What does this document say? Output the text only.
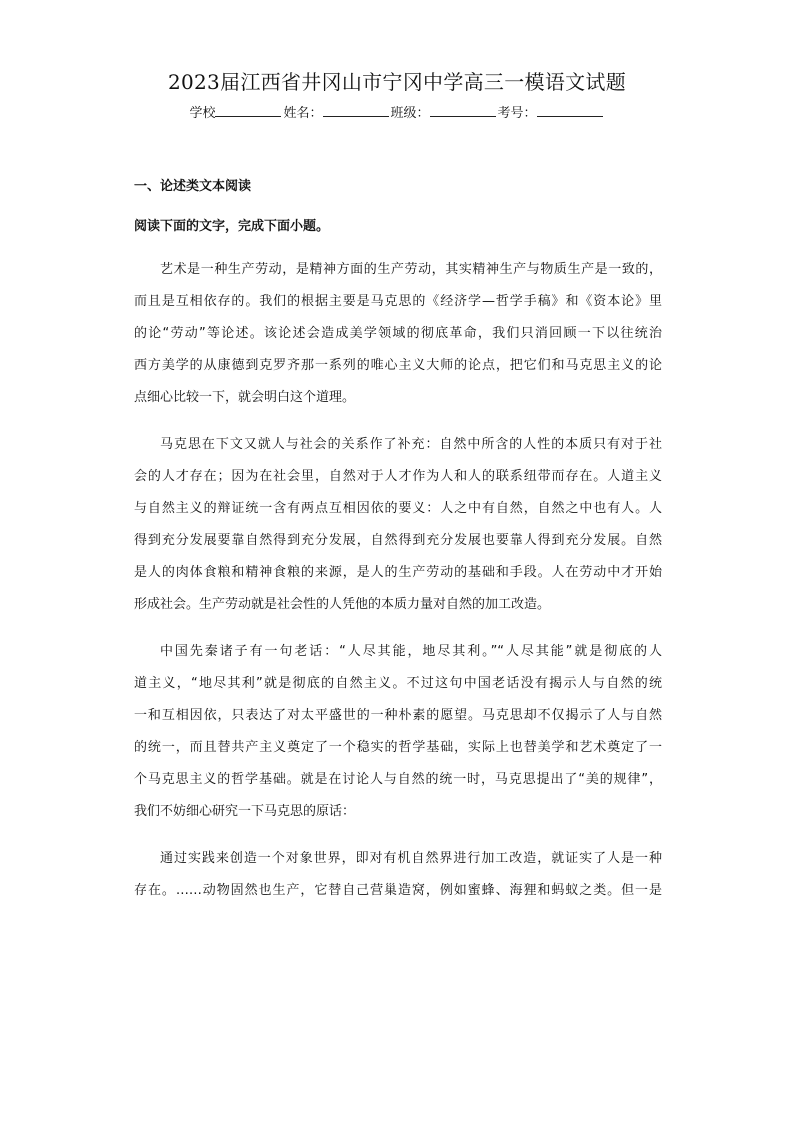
2023届江西省井冈山市宁冈中学高三一模语文试题
学校	姓名：	班级：	考号：
一、论述类文本阅读
阅读下面的文字，完成下面小题。
艺术是一种生产劳动，是精神方面的生产劳动，其实精神生产与物质生产是一致的，
而且是互相依存的。我们的根据主要是马克思的《经济学—哲学手稿》和《资本论》里
的论“劳动”等论述。该论述会造成美学领域的彻底革命，我们只消回顾一下以往统治
西方美学的从康德到克罗齐那一系列的唯心主义大师的论点，把它们和马克思主义的论
点细心比较一下，就会明白这个道理。
马克思在下文又就人与社会的关系作了补充：自然中所含的人性的本质只有对于社
会的人才存在；因为在社会里，自然对于人才作为人和人的联系纽带而存在。人道主义
与自然主义的辩证统一含有两点互相因依的要义：人之中有自然，自然之中也有人。人
得到充分发展要靠自然得到充分发展，自然得到充分发展也要靠人得到充分发展。自然
是人的肉体食粮和精神食粮的来源，是人的生产劳动的基础和手段。人在劳动中才开始
形成社会。生产劳动就是社会性的人凭他的本质力量对自然的加工改造。
中国先秦诸子有一句老话：“人尽其能，地尽其利。”“人尽其能”就是彻底的人
道主义，“地尽其利”就是彻底的自然主义。不过这句中国老话没有揭示人与自然的统
一和互相因依，只表达了对太平盛世的一种朴素的愿望。马克思却不仅揭示了人与自然
的统一，而且替共产主义奠定了一个稳实的哲学基础，实际上也替美学和艺术奠定了一
个马克思主义的哲学基础。就是在讨论人与自然的统一时，马克思提出了“美的规律”，
我们不妨细心研究一下马克思的原话：
通过实践来创造一个对象世界，即对有机自然界进行加工改造，就证实了人是一种
存在。……动物固然也生产，它替自己营巢造窝，例如蜜蜂、海狸和蚂蚁之类。但一是
